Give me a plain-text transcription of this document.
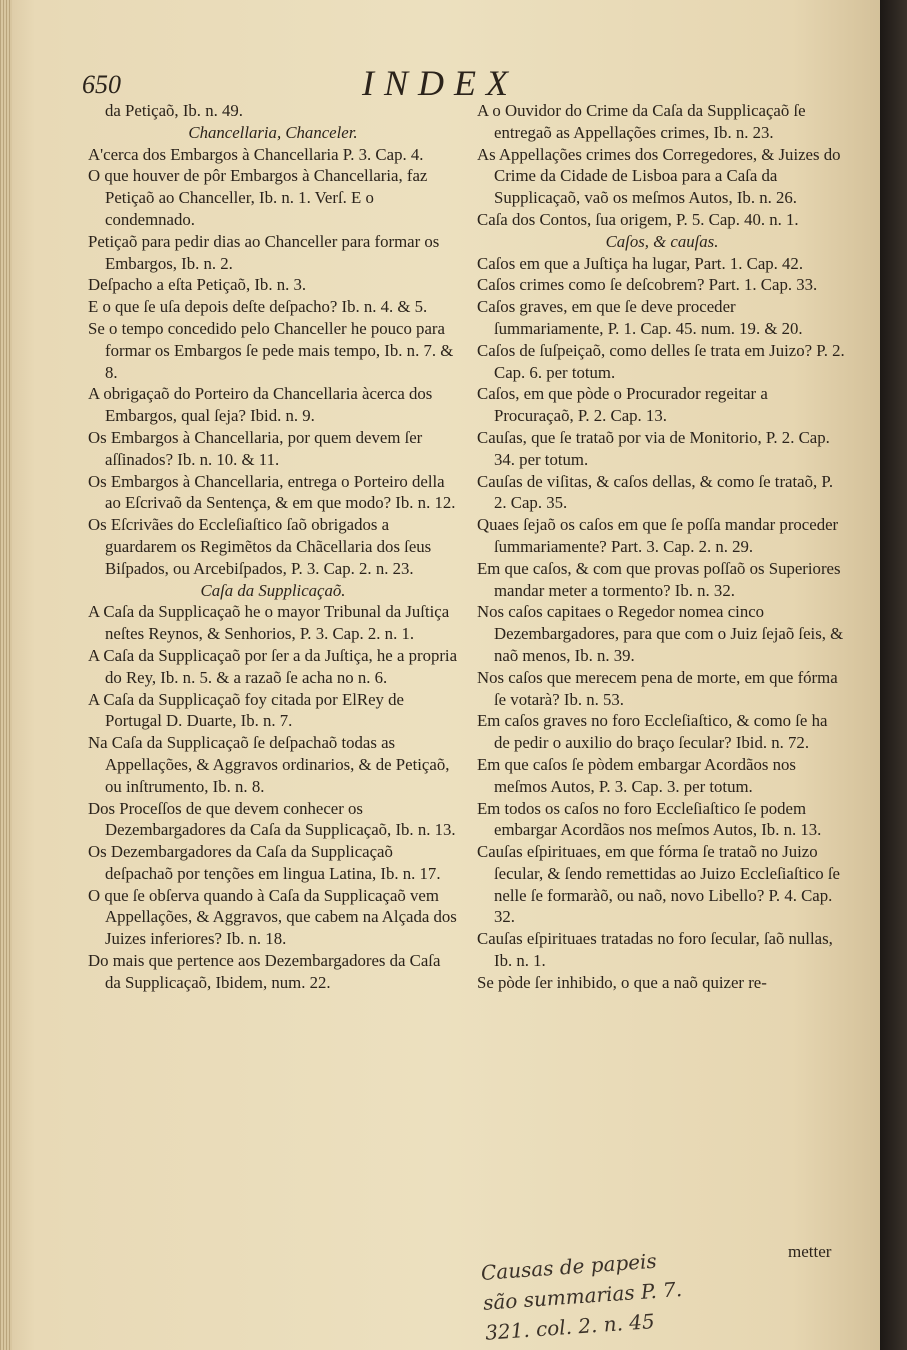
650	INDEX

da Petiçaõ, Ib. n. 49.

Chancellaria, Chanceler.

A'cerca dos Embargos à Chancellaria P. 3. Cap. 4.

O que houver de pôr Embargos à Chancellaria, faz Petiçaõ ao Chanceller, Ib. n. 1. Verſ. E o condemnado.

Petiçaõ para pedir dias ao Chanceller para formar os Embargos, Ib. n. 2.

Deſpacho a eſta Petiçaõ, Ib. n. 3.

E o que ſe uſa depois deſte deſpacho? Ib. n. 4. & 5.

Se o tempo concedido pelo Chanceller he pouco para formar os Embargos ſe pede mais tempo, Ib. n. 7. & 8.

A obrigaçaõ do Porteiro da Chancellaria àcerca dos Embargos, qual ſeja? Ibid. n. 9.

Os Embargos à Chancellaria, por quem devem ſer aſſinados? Ib. n. 10. & 11.

Os Embargos à Chancellaria, entrega o Porteiro della ao Eſcrivaõ da Sentença, & em que modo? Ib. n. 12.

Os Eſcrivães do Eccleſiaſtico ſaõ obrigados a guardarem os Regimẽtos da Chãcellaria dos ſeus Biſpados, ou Arcebiſpados, P. 3. Cap. 2. n. 23.

Caſa da Supplicaçaõ.

A Caſa da Supplicaçaõ he o mayor Tribunal da Juſtiça neſtes Reynos, & Senhorios, P. 3. Cap. 2. n. 1.

A Caſa da Supplicaçaõ por ſer a da Juſtiça, he a propria do Rey, Ib. n. 5. & a razaõ ſe acha no n. 6.

A Caſa da Supplicaçaõ foy citada por ElRey de Portugal D. Duarte, Ib. n. 7.

Na Caſa da Supplicaçaõ ſe deſpachaõ todas as Appellações, & Aggravos ordinarios, & de Petiçaõ, ou inſtrumento, Ib. n. 8.

Dos Proceſſos de que devem conhecer os Dezembargadores da Caſa da Supplicaçaõ, Ib. n. 13.

Os Dezembargadores da Caſa da Supplicaçaõ deſpachaõ por tenções em lingua Latina, Ib. n. 17.

O que ſe obſerva quando à Caſa da Supplicaçaõ vem Appellações, & Aggravos, que cabem na Alçada dos Juizes inferiores? Ib. n. 18.

Do mais que pertence aos Dezembargadores da Caſa da Supplicaçaõ, Ibidem, num. 22.

A o Ouvidor do Crime da Caſa da Supplicaçaõ ſe entregaõ as Appellações crimes, Ib. n. 23.

As Appellações crimes dos Corregedores, & Juizes do Crime da Cidade de Lisboa para a Caſa da Supplicaçaõ, vaõ os meſmos Autos, Ib. n. 26.

Caſa dos Contos, ſua origem, P. 5. Cap. 40. n. 1.

Caſos, & cauſas.

Caſos em que a Juſtiça ha lugar, Part. 1. Cap. 42.

Caſos crimes como ſe deſcobrem? Part. 1. Cap. 33.

Caſos graves, em que ſe deve proceder ſummariamente, P. 1. Cap. 45. num. 19. & 20.

Caſos de ſuſpeiçaõ, como delles ſe trata em Juizo? P. 2. Cap. 6. per totum.

Caſos, em que pòde o Procurador regeitar a Procuraçaõ, P. 2. Cap. 13.

Cauſas, que ſe trataõ por via de Monitorio, P. 2. Cap. 34. per totum.

Cauſas de viſitas, & caſos dellas, & como ſe trataõ, P. 2. Cap. 35.

Quaes ſejaõ os caſos em que ſe poſſa mandar proceder ſummariamente? Part. 3. Cap. 2. n. 29.

Em que caſos, & com que provas poſſaõ os Superiores mandar meter a tormento? Ib. n. 32.

Nos caſos capitaes o Regedor nomea cinco Dezembargadores, para que com o Juiz ſejaõ ſeis, & naõ menos, Ib. n. 39.

Nos caſos que merecem pena de morte, em que fórma ſe votarà? Ib. n. 53.

Em caſos graves no foro Eccleſiaſtico, & como ſe ha de pedir o auxilio do braço ſecular? Ibid. n. 72.

Em que caſos ſe pòdem embargar Acordãos nos meſmos Autos, P. 3. Cap. 3. per totum.

Em todos os caſos no foro Eccleſiaſtico ſe podem embargar Acordãos nos meſmos Autos, Ib. n. 13.

Cauſas eſpirituaes, em que fórma ſe trataõ no Juizo ſecular, & ſendo remettidas ao Juizo Eccleſiaſtico ſe nelle ſe formaràõ, ou naõ, novo Libello? P. 4. Cap. 32.

Cauſas eſpirituaes tratadas no foro ſecular, ſaõ nullas, Ib. n. 1.

Se pòde ſer inhibido, o que a naõ quizer re-

metter
Causas de papeis
são summarias P. 7.
321. col. 2. n. 45
